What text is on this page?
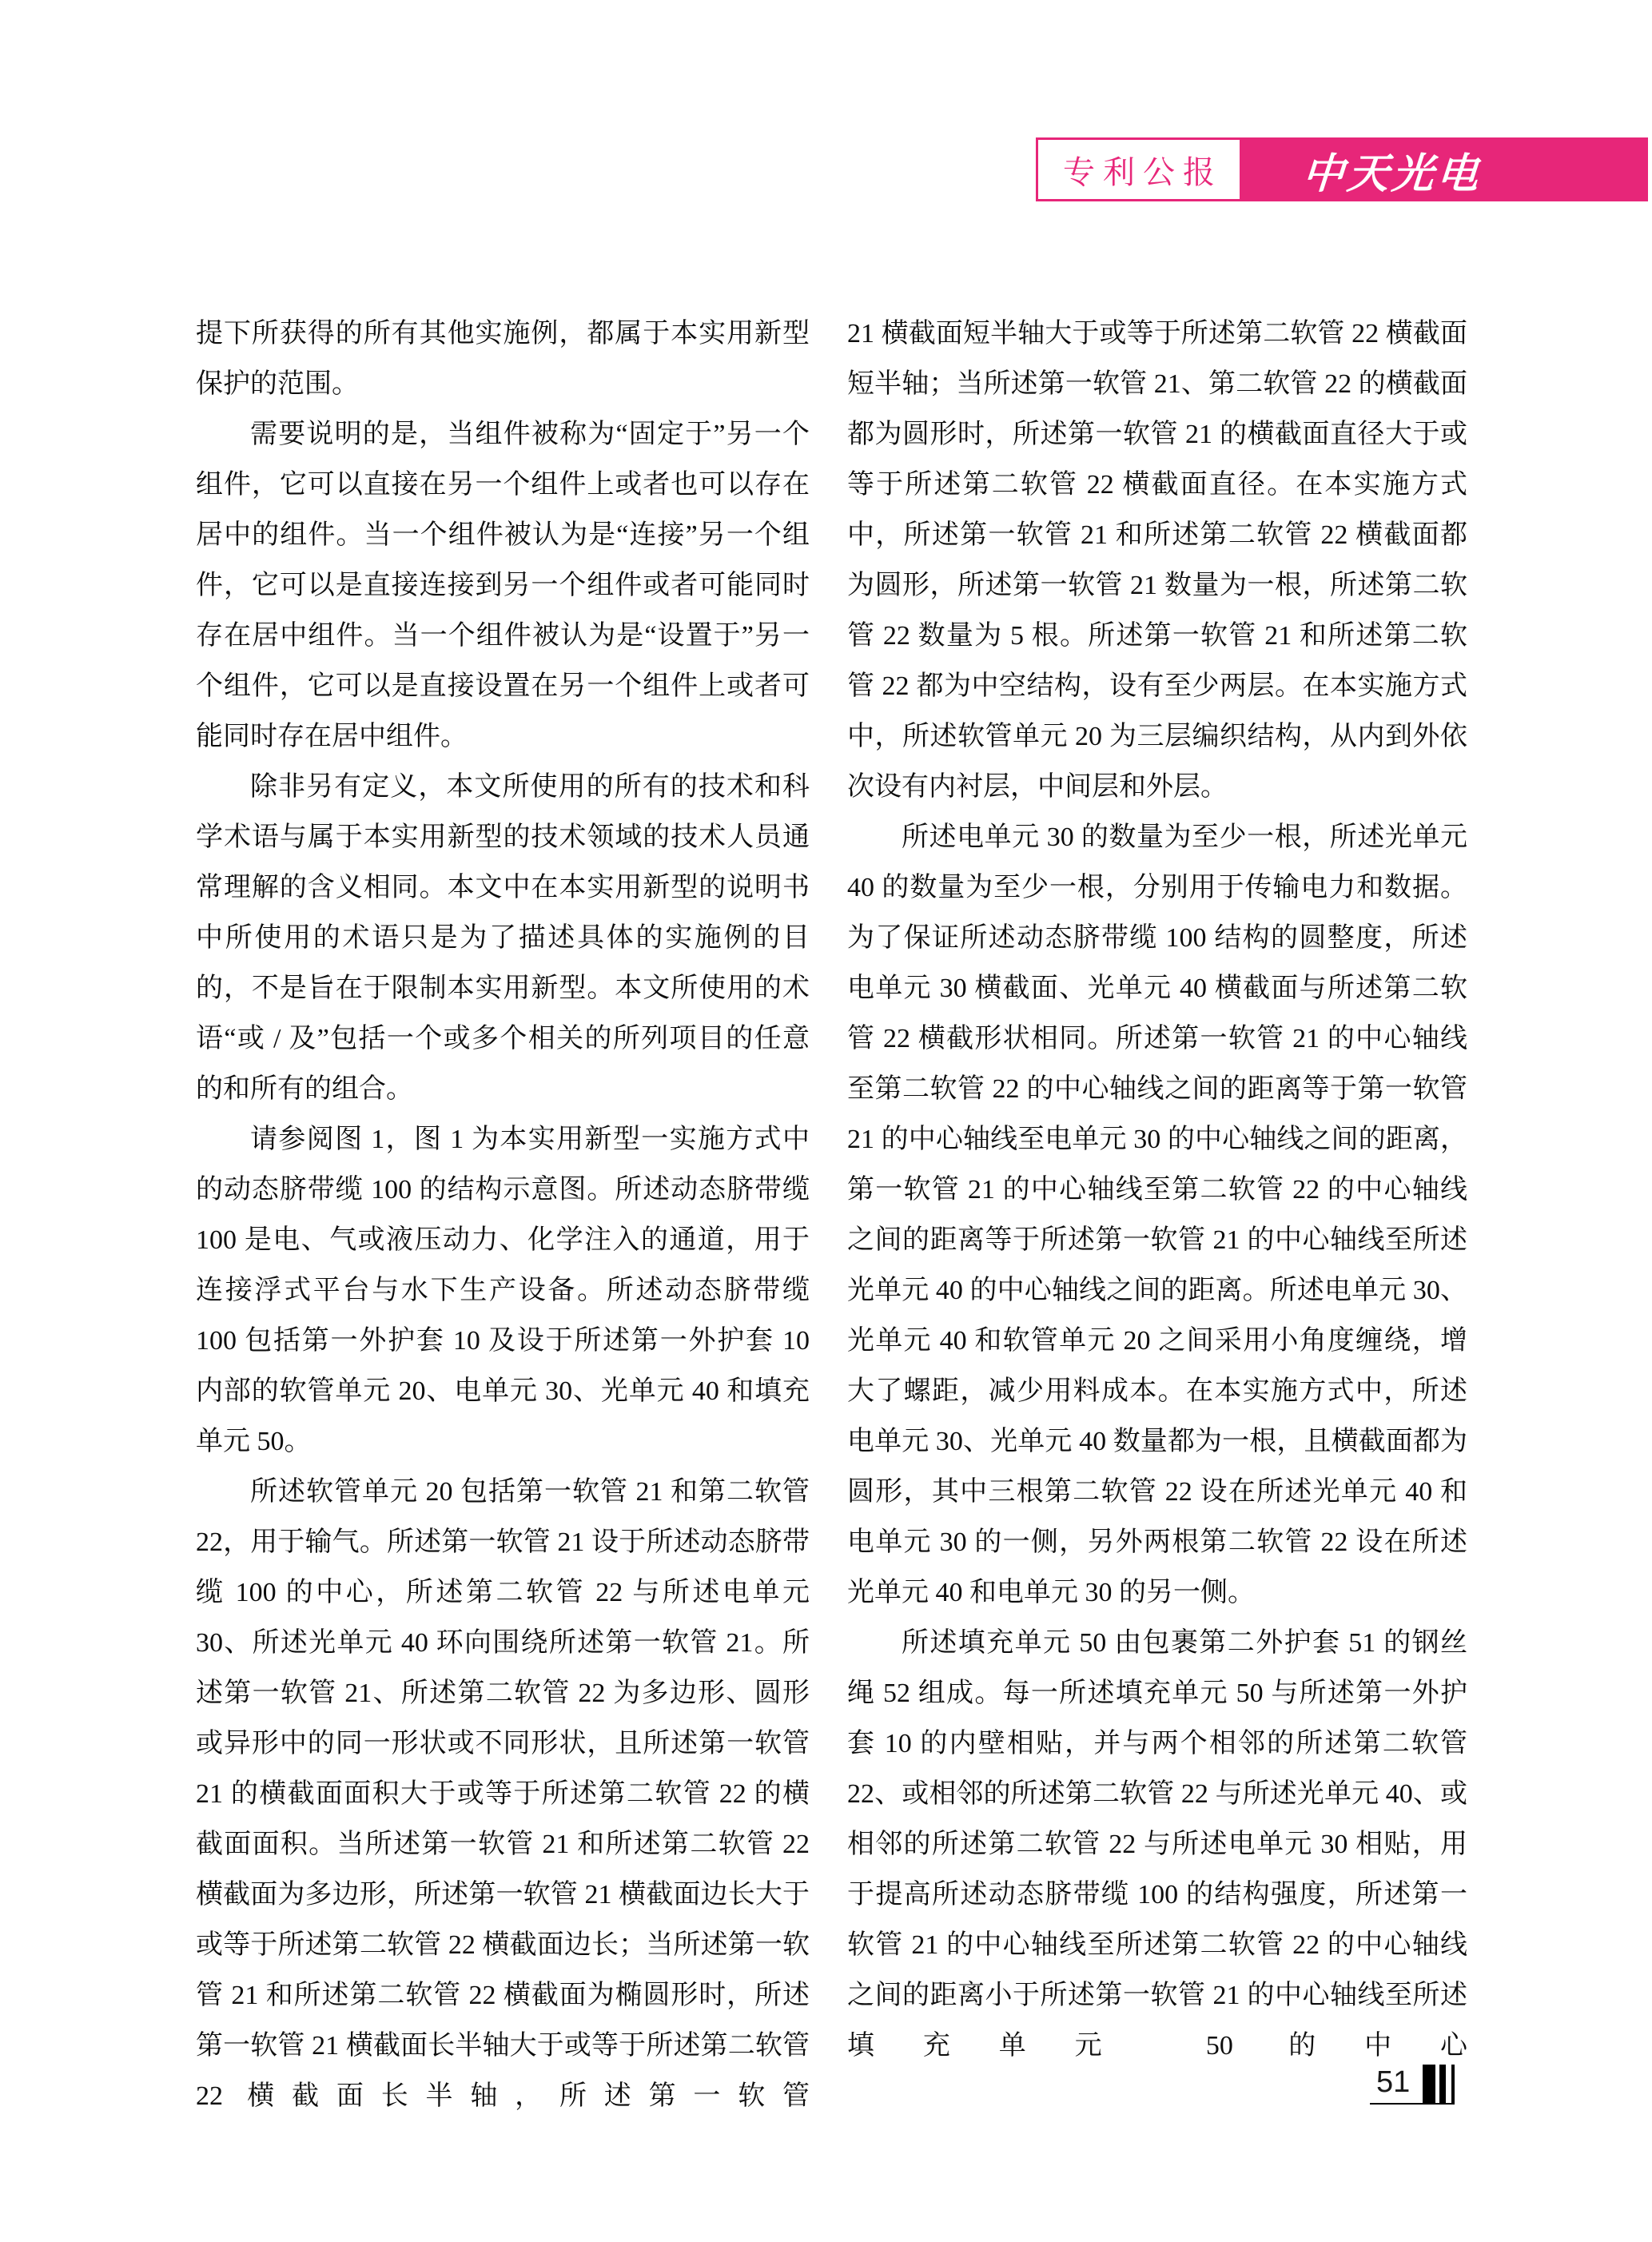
专利公报 中天光电

提下所获得的所有其他实施例，都属于本实用新型保护的范围。

需要说明的是，当组件被称为“固定于”另一个组件，它可以直接在另一个组件上或者也可以存在居中的组件。当一个组件被认为是“连接”另一个组件，它可以是直接连接到另一个组件或者可能同时存在居中组件。当一个组件被认为是“设置于”另一个组件，它可以是直接设置在另一个组件上或者可能同时存在居中组件。

除非另有定义，本文所使用的所有的技术和科学术语与属于本实用新型的技术领域的技术人员通常理解的含义相同。本文中在本实用新型的说明书中所使用的术语只是为了描述具体的实施例的目的，不是旨在于限制本实用新型。本文所使用的术语“或 / 及”包括一个或多个相关的所列项目的任意的和所有的组合。

请参阅图 1，图 1 为本实用新型一实施方式中的动态脐带缆 100 的结构示意图。所述动态脐带缆 100 是电、气或液压动力、化学注入的通道，用于连接浮式平台与水下生产设备。所述动态脐带缆 100 包括第一外护套 10 及设于所述第一外护套 10 内部的软管单元 20、电单元 30、光单元 40 和填充单元 50。

所述软管单元 20 包括第一软管 21 和第二软管 22，用于输气。所述第一软管 21 设于所述动态脐带缆 100 的中心，所述第二软管 22 与所述电单元 30、所述光单元 40 环向围绕所述第一软管 21。所述第一软管 21、所述第二软管 22 为多边形、圆形或异形中的同一形状或不同形状，且所述第一软管 21 的横截面面积大于或等于所述第二软管 22 的横截面面积。当所述第一软管 21 和所述第二软管 22 横截面为多边形，所述第一软管 21 横截面边长大于或等于所述第二软管 22 横截面边长；当所述第一软管 21 和所述第二软管 22 横截面为椭圆形时，所述第一软管 21 横截面长半轴大于或等于所述第二软管 22 横截面长半轴，所述第一软管

21 横截面短半轴大于或等于所述第二软管 22 横截面短半轴；当所述第一软管 21、第二软管 22 的横截面都为圆形时，所述第一软管 21 的横截面直径大于或等于所述第二软管 22 横截面直径。在本实施方式中，所述第一软管 21 和所述第二软管 22 横截面都为圆形，所述第一软管 21 数量为一根，所述第二软管 22 数量为 5 根。所述第一软管 21 和所述第二软管 22 都为中空结构，设有至少两层。在本实施方式中，所述软管单元 20 为三层编织结构，从内到外依次设有内衬层，中间层和外层。

所述电单元 30 的数量为至少一根，所述光单元 40 的数量为至少一根，分别用于传输电力和数据。为了保证所述动态脐带缆 100 结构的圆整度，所述电单元 30 横截面、光单元 40 横截面与所述第二软管 22 横截形状相同。所述第一软管 21 的中心轴线至第二软管 22 的中心轴线之间的距离等于第一软管 21 的中心轴线至电单元 30 的中心轴线之间的距离，第一软管 21 的中心轴线至第二软管 22 的中心轴线之间的距离等于所述第一软管 21 的中心轴线至所述光单元 40 的中心轴线之间的距离。所述电单元 30、光单元 40 和软管单元 20 之间采用小角度缠绕，增大了螺距，减少用料成本。在本实施方式中，所述电单元 30、光单元 40 数量都为一根，且横截面都为圆形，其中三根第二软管 22 设在所述光单元 40 和电单元 30 的一侧，另外两根第二软管 22 设在所述光单元 40 和电单元 30 的另一侧。

所述填充单元 50 由包裹第二外护套 51 的钢丝绳 52 组成。每一所述填充单元 50 与所述第一外护套 10 的内壁相贴，并与两个相邻的所述第二软管 22、或相邻的所述第二软管 22 与所述光单元 40、或相邻的所述第二软管 22 与所述电单元 30 相贴，用于提高所述动态脐带缆 100 的结构强度，所述第一软管 21 的中心轴线至所述第二软管 22 的中心轴线之间的距离小于所述第一软管 21 的中心轴线至所述填充单元 50 的中心

51
